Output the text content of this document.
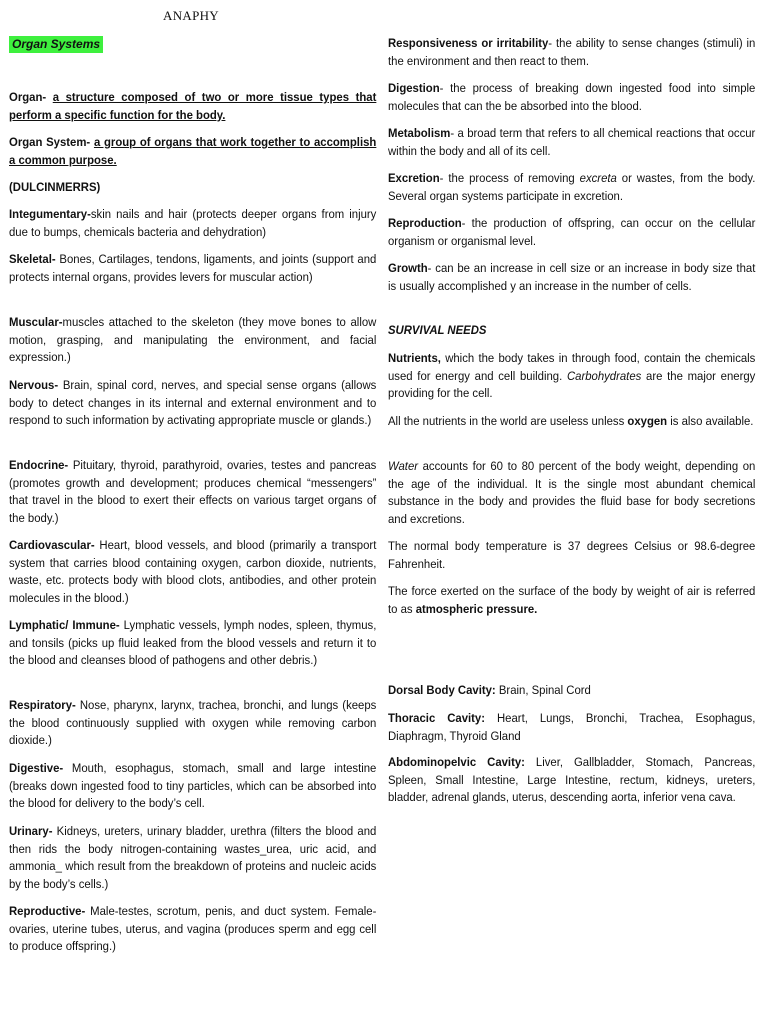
ANAPHY
Organ Systems
Organ- a structure composed of two or more tissue types that perform a specific function for the body.
Organ System- a group of organs that work together to accomplish a common purpose.
(DULCINMERRS)
Integumentary-skin nails and hair (protects deeper organs from injury due to bumps, chemicals bacteria and dehydration)
Skeletal- Bones, Cartilages, tendons, ligaments, and joints (support and protects internal organs, provides levers for muscular action)
Muscular-muscles attached to the skeleton (they move bones to allow motion, grasping, and manipulating the environment, and facial expression.)
Nervous- Brain, spinal cord, nerves, and special sense organs (allows body to detect changes in its internal and external environment and to respond to such information by activating appropriate muscle or glands.)
Endocrine- Pituitary, thyroid, parathyroid, ovaries, testes and pancreas (promotes growth and development; produces chemical “messengers” that travel in the blood to exert their effects on various target organs of the body.)
Cardiovascular- Heart, blood vessels, and blood (primarily a transport system that carries blood containing oxygen, carbon dioxide, nutrients, waste, etc. protects body with blood clots, antibodies, and other protein molecules in the blood.)
Lymphatic/ Immune- Lymphatic vessels, lymph nodes, spleen, thymus, and tonsils (picks up fluid leaked from the blood vessels and return it to the blood and cleanses blood of pathogens and other debris.)
Respiratory- Nose, pharynx, larynx, trachea, bronchi, and lungs (keeps the blood continuously supplied with oxygen while removing carbon dioxide.)
Digestive- Mouth, esophagus, stomach, small and large intestine (breaks down ingested food to tiny particles, which can be absorbed into the blood for delivery to the body’s cell.
Urinary- Kidneys, ureters, urinary bladder, urethra (filters the blood and then rids the body nitrogen-containing wastes_urea, uric acid, and ammonia_ which result from the breakdown of proteins and nucleic acids by the body’s cells.)
Reproductive- Male-testes, scrotum, penis, and duct system. Female- ovaries, uterine tubes, uterus, and vagina (produces sperm and egg cell to produce offspring.)
Responsiveness or irritability- the ability to sense changes (stimuli) in the environment and then react to them.
Digestion- the process of breaking down ingested food into simple molecules that can the be absorbed into the blood.
Metabolism- a broad term that refers to all chemical reactions that occur within the body and all of its cell.
Excretion- the process of removing excreta or wastes, from the body. Several organ systems participate in excretion.
Reproduction- the production of offspring, can occur on the cellular organism or organismal level.
Growth- can be an increase in cell size or an increase in body size that is usually accomplished y an increase in the number of cells.
SURVIVAL NEEDS
Nutrients, which the body takes in through food, contain the chemicals used for energy and cell building. Carbohydrates are the major energy providing for the cell.
All the nutrients in the world are useless unless oxygen is also available.
Water accounts for 60 to 80 percent of the body weight, depending on the age of the individual. It is the single most abundant chemical substance in the body and provides the fluid base for body secretions and excretions.
The normal body temperature is 37 degrees Celsius or 98.6-degree Fahrenheit.
The force exerted on the surface of the body by weight of air is referred to as atmospheric pressure.
Dorsal Body Cavity: Brain, Spinal Cord
Thoracic Cavity: Heart, Lungs, Bronchi, Trachea, Esophagus, Diaphragm, Thyroid Gland
Abdominopelvic Cavity: Liver, Gallbladder, Stomach, Pancreas, Spleen, Small Intestine, Large Intestine, rectum, kidneys, ureters, bladder, adrenal glands, uterus, descending aorta, inferior vena cava.
